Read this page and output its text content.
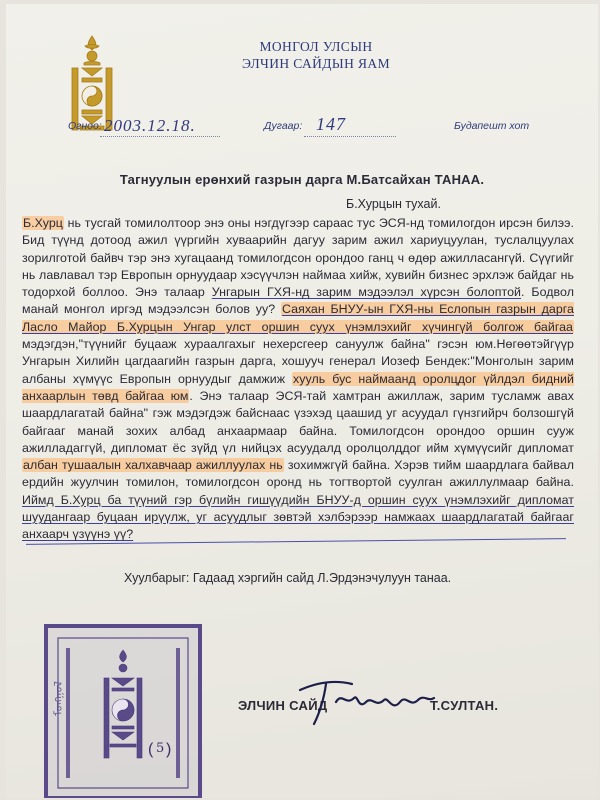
МОНГОЛ УЛСЫН
ЭЛЧИН САЙДЫН ЯАМ
Огноо: 2003.12.18.	Дугаар: 147	Будапешт хот
Тагнуулын ерөнхий газрын дарга М.Батсайхан ТАНАА.
Б.Хурцын тухай.

Б.Хурц нь тусгай томилолтоор энэ оны нэгдүгээр сараас тус ЭСЯ-нд томилогдон ирсэн билээ. Бид түүнд дотоод ажил үүргийн хуваарийн дагуу зарим ажил хариуцуулан, туслалцуулах зорилготой байвч тэр энэ хугацаанд томилогдсон орондоо ганц ч өдөр ажилласангүй. Сүүгийг нь лавлавал тэр Европын орнуудаар хэсүүчлэн наймаа хийж, хувийн бизнес эрхлэж байдаг нь тодорхой боллоо. Энэ талаар Унгарын ГХЯ-нд зарим мэдээлэл хүрсэн болоптой. Бодвол манай монгол иргэд мэдээлсэн болов уу? Саяхан БНУУ-ын ГХЯ-ны Еслопын газрын дарга Ласло Майор Б.Хурцын Унгар улст оршин суух үнэмлэхийг хүчингүй болгож байгаа мэдэгдэн,"түүнийг буцааж хураалгахыг нехерсгеер сануулж байна" гэсэн юм.Нөгөөтэйгүүр Унгарын Хилийн цагдаагийн газрын дарга, хошууч генерал Иозеф Бендек:"Монголын зарим албаны хүмүүс Европын орнуудыг дамжиж хууль бус наймаанд оролцдог үйлдэл бидний анхаарлын төвд байгаа юм. Энэ талаар ЭСЯ-тай хамтран ажиллаж, зарим тусламж авах шаардлагатай байна" гэж мэдэгдэж байснааc үзэхэд цаашид уг асуудал гүнзгийрч болзошгүй байгааг манай зохих албад анхаармаар байна. Томилогдсон орондоо оршин сууж ажилладаггүй, дипломат ёс зүйд үл нийцэх асуудалд оролцолддог ийм хүмүүсийг дипломат албан тушаалын халхавчаар ажиллуулах нь зохимжгүй байна. Хэрэв тийм шаардлага байвал ердийн жуулчин томилон, томилогдсон оронд нь тогтвортой суулган ажиллулмаар байна. Иймд Б.Хурц ба түүний гэр бүлийн гишүүдийн БНУУ-д оршин суух үнэмлэхийг дипломат шуудангаар буцаан ирүүлж, уг асуудлыг зөвтэй хэлбэрээр намжаах шаардлагатай байгааг анхаарч үзүүнэ үү?

Хуулбарыг: Гадаад хэргийн сайд Л.Эрдэнэчулуун танаа.
ᠮᠣᠩᠭᠣᠯ
5
( )
ЭЛЧИН САЙД	Т.СУЛТАН.
